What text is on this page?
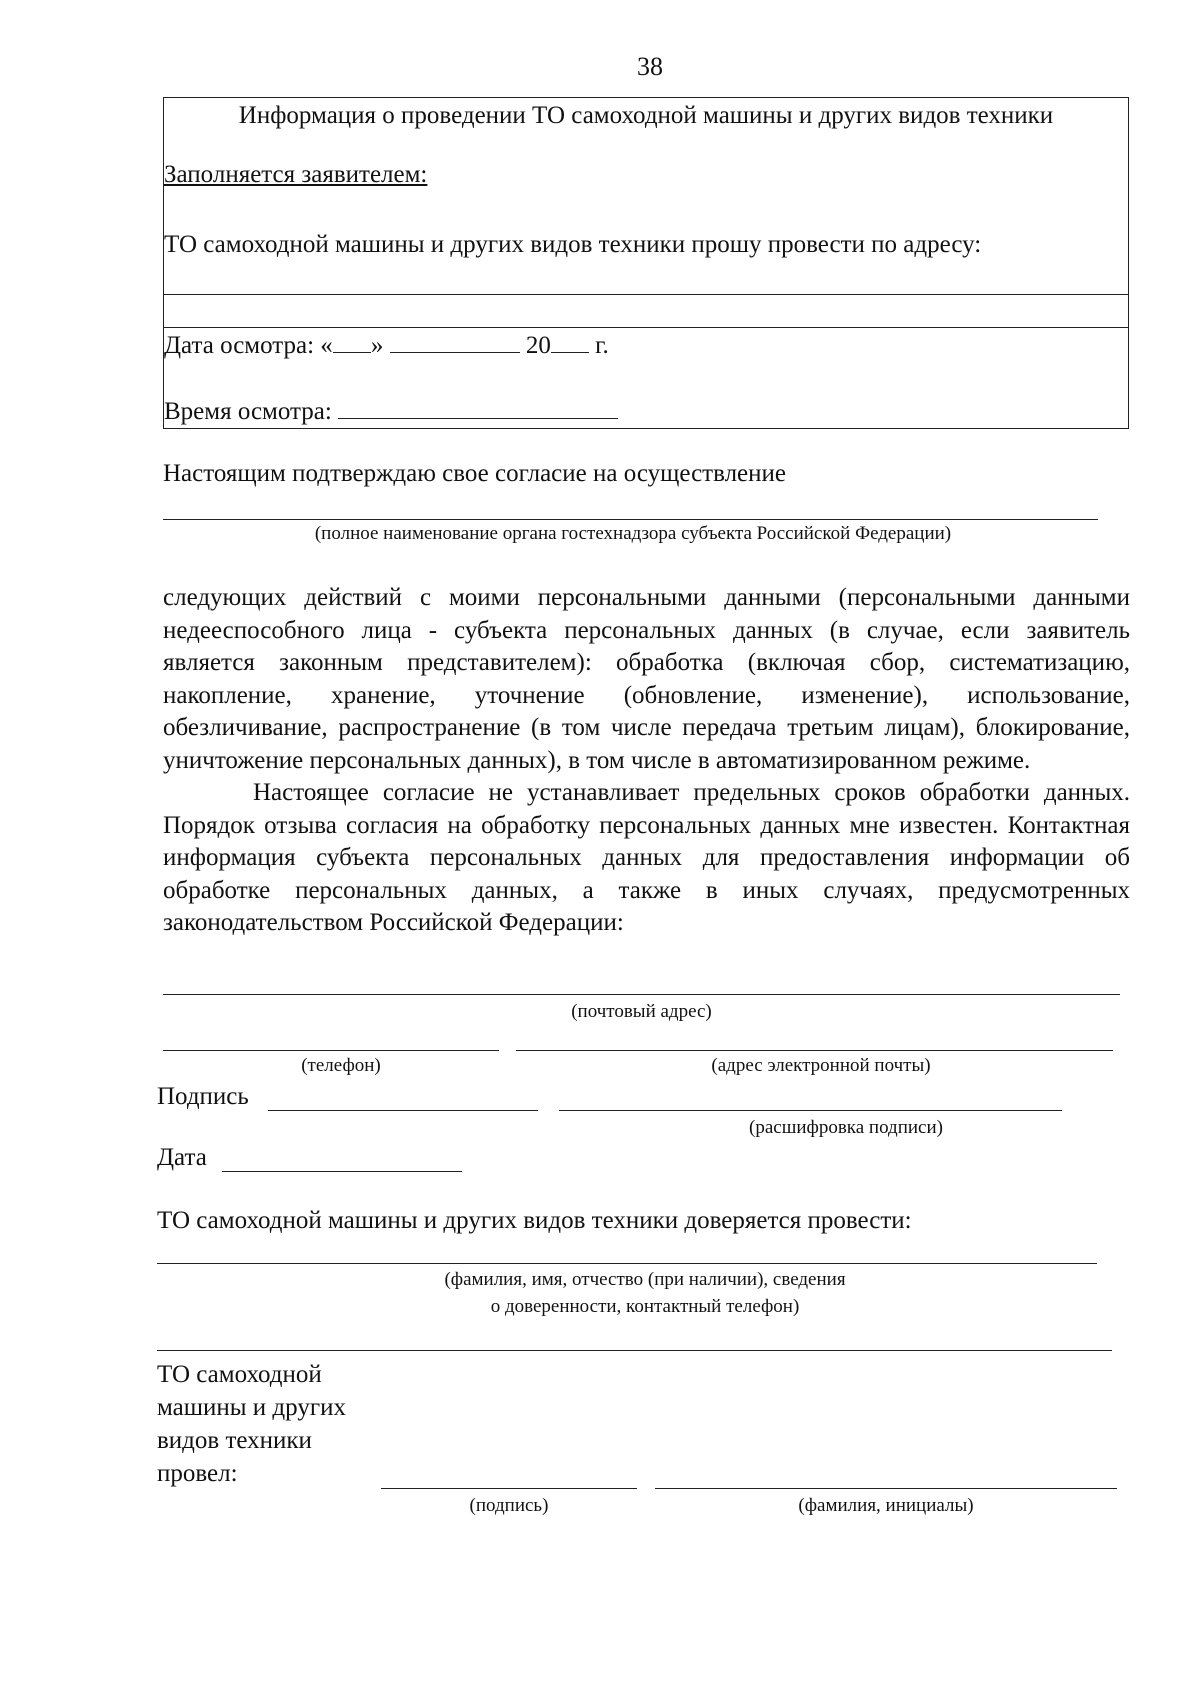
38
Информация о проведении ТО самоходной машины и других видов техники
Заполняется заявителем:
ТО самоходной машины и других видов техники прошу провести по адресу:
Дата осмотра: « »	20 г.
Время осмотра:
Настоящим подтверждаю свое согласие на осуществление
(полное наименование органа гостехнадзора субъекта Российской Федерации)

следующих действий с моими персональными данными (персональными данными недееспособного лица - субъекта персональных данных (в случае, если заявитель является законным представителем): обработка (включая сбор, систематизацию, накопление, хранение, уточнение (обновление, изменение), использование, обезличивание, распространение (в том числе передача третьим лицам), блокирование, уничтожение персональных данных), в том числе в автоматизированном режиме.

Настоящее согласие не устанавливает предельных сроков обработки данных. Порядок отзыва согласия на обработку персональных данных мне известен. Контактная информация субъекта персональных данных для предоставления информации об обработке персональных данных, а также в иных случаях, предусмотренных законодательством Российской Федерации:

(почтовый адрес)
(телефон)	(адрес электронной почты)
Подпись
(расшифровка подписи)
Дата
ТО самоходной машины и других видов техники доверяется провести:
(фамилия, имя, отчество (при наличии), сведения
о доверенности, контактный телефон)
ТО самоходной
машины и других
видов техники
провел:
(подпись)	(фамилия, инициалы)
